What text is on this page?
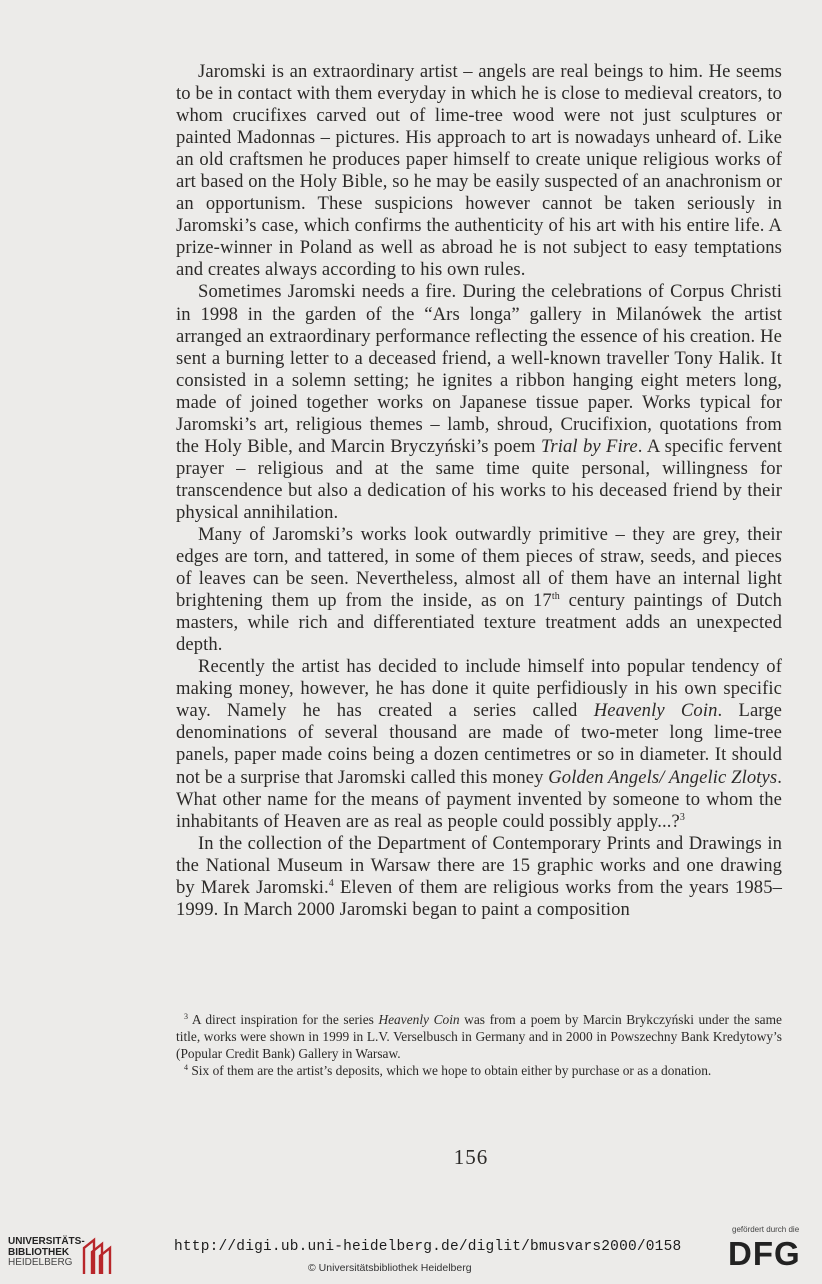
Jaromski is an extraordinary artist – angels are real beings to him. He seems to be in contact with them everyday in which he is close to medieval creators, to whom crucifixes carved out of lime-tree wood were not just sculptures or painted Madonnas – pictures. His approach to art is nowadays unheard of. Like an old craftsmen he produces paper himself to create unique religious works of art based on the Holy Bible, so he may be easily suspected of an anachronism or an opportunism. These suspicions however cannot be taken seriously in Jaromski’s case, which confirms the authenticity of his art with his entire life. A prize-winner in Poland as well as abroad he is not subject to easy temptations and creates always according to his own rules.

Sometimes Jaromski needs a fire. During the celebrations of Corpus Christi in 1998 in the garden of the “Ars longa” gallery in Milanówek the artist arranged an extraordinary performance reflecting the essence of his creation. He sent a burning letter to a deceased friend, a well-known traveller Tony Halik. It consisted in a solemn setting; he ignites a ribbon hanging eight meters long, made of joined together works on Japanese tissue paper. Works typical for Jaromski’s art, religious themes – lamb, shroud, Crucifixion, quotations from the Holy Bible, and Marcin Bryczyński’s poem Trial by Fire. A specific fervent prayer – religious and at the same time quite personal, willingness for transcendence but also a dedication of his works to his deceased friend by their physical annihilation.

Many of Jaromski’s works look outwardly primitive – they are grey, their edges are torn, and tattered, in some of them pieces of straw, seeds, and pieces of leaves can be seen. Nevertheless, almost all of them have an internal light brightening them up from the inside, as on 17th century paintings of Dutch masters, while rich and differentiated texture treatment adds an unexpected depth.

Recently the artist has decided to include himself into popular tendency of making money, however, he has done it quite perfidiously in his own specific way. Namely he has created a series called Heavenly Coin. Large denominations of several thousand are made of two-meter long lime-tree panels, paper made coins being a dozen centimetres or so in diameter. It should not be a surprise that Jaromski called this money Golden Angels/ Angelic Zlotys. What other name for the means of payment invented by someone to whom the inhabitants of Heaven are as real as people could possibly apply...?$^3$

In the collection of the Department of Contemporary Prints and Drawings in the National Museum in Warsaw there are 15 graphic works and one drawing by Marek Jaromski.$^4$ Eleven of them are religious works from the years 1985–1999. In March 2000 Jaromski began to paint a composition

$^3$ A direct inspiration for the series Heavenly Coin was from a poem by Marcin Brykczyński under the same title, works were shown in 1999 in L.V. Verselbusch in Germany and in 2000 in Powszechny Bank Kredytowy’s (Popular Credit Bank) Gallery in Warsaw.

$^4$ Six of them are the artist’s deposits, which we hope to obtain either by purchase or as a donation.

156
UNIVERSITÄTS-
BIBLIOTHEK
HEIDELBERG
http://digi.ub.uni-heidelberg.de/diglit/bmusvars2000/0158
© Universitätsbibliothek Heidelberg
gefördert durch die
DFG
